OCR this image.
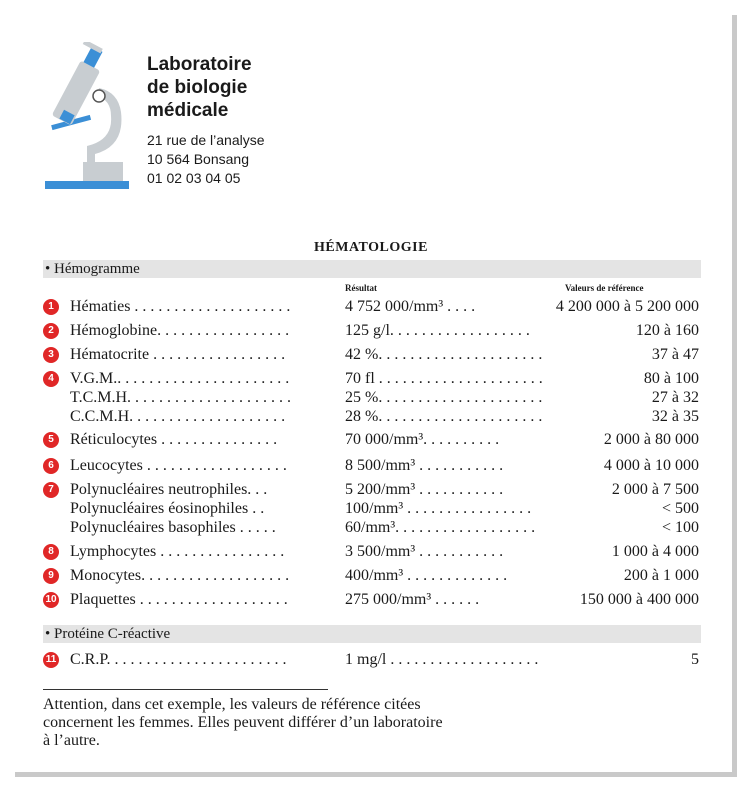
Laboratoire
de biologie
médicale
21 rue de l’analyse
10 564 Bonsang
01 02 03 04 05
HÉMATOLOGIE
• Hémogramme
Résultat	Valeurs de référence
1	Hématies . . . . . . . . . . . . . . . . . . . .	4 752 000/mm³ . . . .	4 200 000 à 5 200 000
2	Hémoglobine. . . . . . . . . . . . . . . . .	125 g/l. . . . . . . . . . . . . . . . . .	120 à 160
3	Hématocrite . . . . . . . . . . . . . . . . .	42 %. . . . . . . . . . . . . . . . . . . . .	37 à 47
4	V.G.M.. . . . . . . . . . . . . . . . . . . . . .	70 fl . . . . . . . . . . . . . . . . . . . . .	80 à 100
T.C.M.H. . . . . . . . . . . . . . . . . . . . .	25 %. . . . . . . . . . . . . . . . . . . . .	27 à 32
C.C.M.H. . . . . . . . . . . . . . . . . . . .	28 %. . . . . . . . . . . . . . . . . . . . .	32 à 35
5	Réticulocytes . . . . . . . . . . . . . . .	70 000/mm³. . . . . . . . . .	2 000 à 80 000
6	Leucocytes . . . . . . . . . . . . . . . . . .	8 500/mm³ . . . . . . . . . . .	4 000 à 10 000
7	Polynucléaires neutrophiles. . .	5 200/mm³ . . . . . . . . . . .	2 000 à 7 500
Polynucléaires éosinophiles . .	100/mm³ . . . . . . . . . . . . . . . .	< 500
Polynucléaires basophiles . . . . .	60/mm³. . . . . . . . . . . . . . . . . .	< 100
8	Lymphocytes . . . . . . . . . . . . . . . .	3 500/mm³ . . . . . . . . . . .	1 000 à 4 000
9	Monocytes. . . . . . . . . . . . . . . . . . .	400/mm³ . . . . . . . . . . . . .	200 à 1 000
10 Plaquettes . . . . . . . . . . . . . . . . . . .	275 000/mm³ . . . . . .	150 000 à 400 000
11 C.R.P. . . . . . . . . . . . . . . . . . . . . . .	1 mg/l . . . . . . . . . . . . . . . . . . .	5
• Protéine C-réactive
Attention, dans cet exemple, les valeurs de référence citées
concernent les femmes. Elles peuvent différer d’un laboratoire
à l’autre.
